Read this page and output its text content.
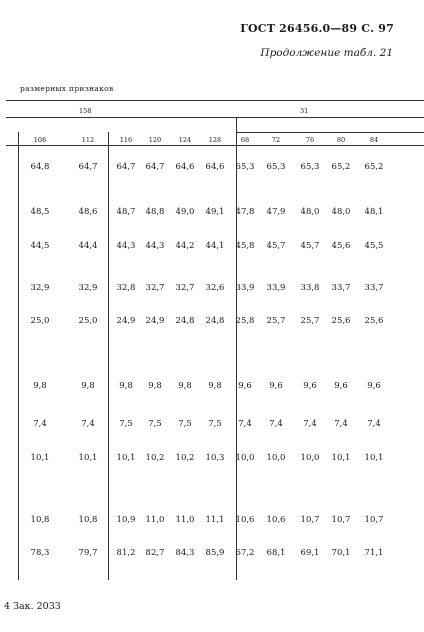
ГОСТ 26456.0—89 С. 97
Продолжение табл. 21
размерных признаков
158	31
108	112	116	120	124	128	68	72	76	80	84
64,8	64,7 64,7 64,7 64,6 64,6 65,3 65,3 65,3 65,2 65,2
48,5	48,6 48,7 48,8 49,0 49,1 47,8 47,9 48,0 48,0 48,1
44,5	44,4 44,3 44,3 44,2 44,1 45,8 45,7 45,7 45,6 45,5
32,9	32,9 32,8 32,7 32,7 32,6 33,9 33,9 33,8 33,7 33,7
25,0	25,0 24,9 24,9 24,8 24,8 25,8 25,7 25,7 25,6 25,6
9,8	9,8	9,8 9,8 9,8 9,8 9,6 9,6 9,6 9,6 9,6
7,4	7,4	7,5 7,5 7,5 7,5 7,4 7,4 7,4 7,4 7,4
10,1	10,1 10,1 10,2 10,2 10,3 10,0 10,0 10,0 10,1 10,1
10,8	10,8 10,9 11,0 11,0 11,1 10,6 10,6 10,7 10,7 10,7
78,3	79,7 81,2 82,7 84,3 85,9 67,2 68,1 69,1 70,1 71,1
4 Зак. 2033
